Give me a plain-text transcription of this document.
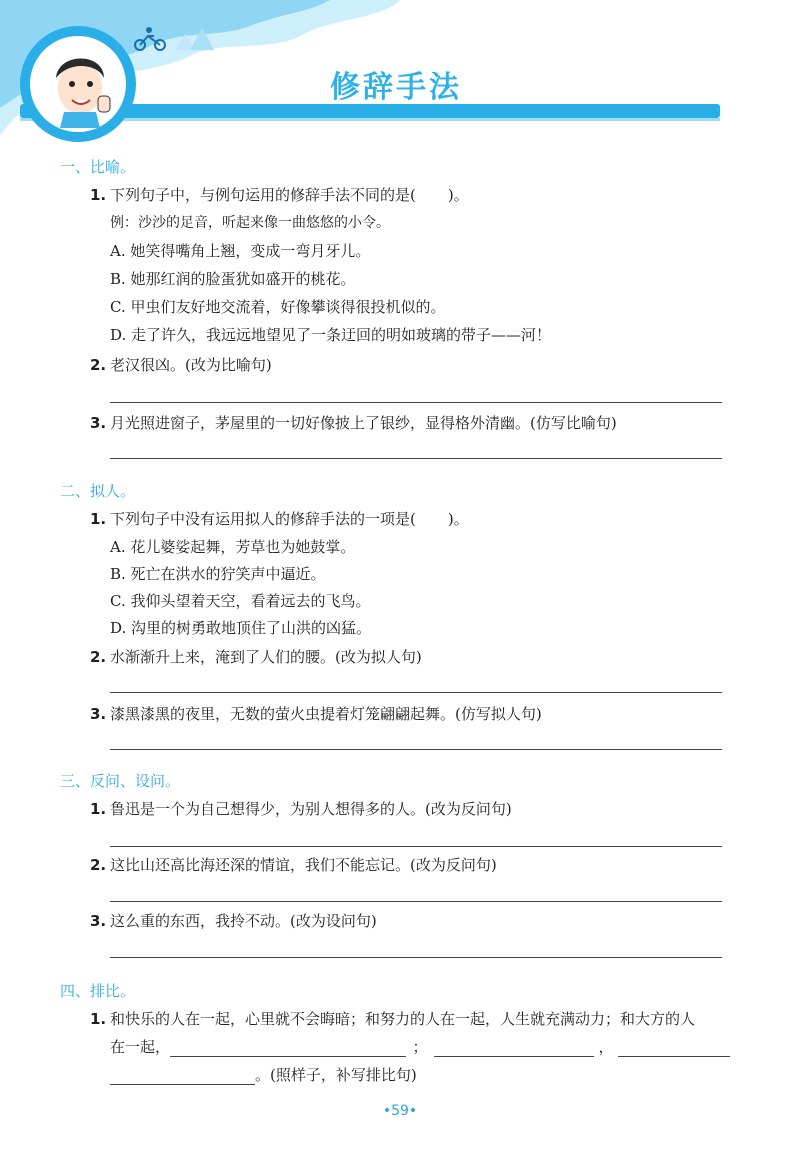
修辞手法
一、比喻。
1. 下列句子中，与例句运用的修辞手法不同的是( )。
例：沙沙的足音，听起来像一曲悠悠的小令。
A. 她笑得嘴角上翘，变成一弯月牙儿。
B. 她那红润的脸蛋犹如盛开的桃花。
C. 甲虫们友好地交流着，好像攀谈得很投机似的。
D. 走了许久，我远远地望见了一条迂回的明如玻璃的带子——河！
2. 老汉很凶。(改为比喻句)
3. 月光照进窗子，茅屋里的一切好像披上了银纱，显得格外清幽。(仿写比喻句)
二、拟人。
1. 下列句子中没有运用拟人的修辞手法的一项是( )。
A. 花儿婆娑起舞，芳草也为她鼓掌。
B. 死亡在洪水的狞笑声中逼近。
C. 我仰头望着天空，看着远去的飞鸟。
D. 沟里的树勇敢地顶住了山洪的凶猛。
2. 水渐渐升上来，淹到了人们的腰。(改为拟人句)
3. 漆黑漆黑的夜里，无数的萤火虫提着灯笼翩翩起舞。(仿写拟人句)
三、反问、设问。
1. 鲁迅是一个为自己想得少，为别人想得多的人。(改为反问句)
2. 这比山还高比海还深的情谊，我们不能忘记。(改为反问句)
3. 这么重的东西，我拎不动。(改为设问句)
四、排比。
1. 和快乐的人在一起，心里就不会晦暗；和努力的人在一起，人生就充满动力；和大方的人
在一起，	；	，
。(照样子，补写排比句)
•59•
